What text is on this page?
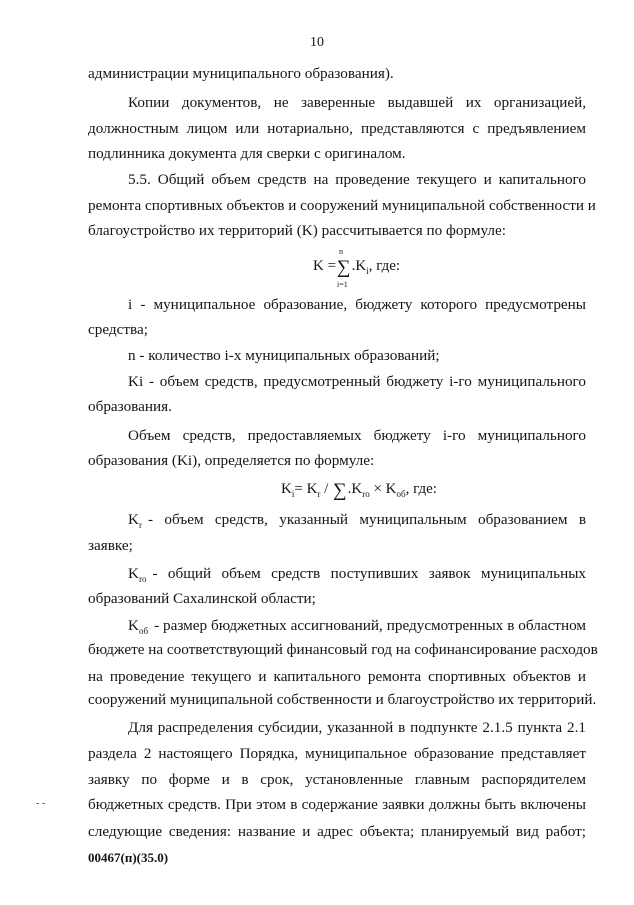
10
администрации муниципального образования).
Копии документов, не заверенные выдавшей их организацией,
должностным лицом или нотариально, представляются с предъявлением
подлинника документа для сверки с оригиналом.
5.5. Общий объем средств на проведение текущего и капитального
ремонта спортивных объектов и сооружений муниципальной собственности и
благоустройство их территорий (K) рассчитывается по формуле:
K =∑
n
i=1
$.K_i$, где:
i - муниципальное образование, бюджету которого предусмотрены
средства;
n - количество i-х муниципальных образований;
Ki - объем средств, предусмотренный бюджету i-го муниципального
образования.
Объем средств, предоставляемых бюджету i-го муниципального
образования (Ki), определяется по формуле:
$K_i= K_r / \sum.K_{ro} \times K_{об}$, где:
$K_r$ - объем средств, указанный муниципальным образованием в
заявке;
$K_{ro}$ - общий объем средств поступивших заявок муниципальных
образований Сахалинской области;
$K_{об}$ - размер бюджетных ассигнований, предусмотренных в областном
бюджете на соответствующий финансовый год на софинансирование расходов
на проведение текущего и капитального ремонта спортивных объектов и
сооружений муниципальной собственности и благоустройство их территорий.
Для распределения субсидии, указанной в подпункте 2.1.5 пункта 2.1
раздела 2 настоящего Порядка, муниципальное образование представляет
заявку по форме и в срок, установленные главным распорядителем
бюджетных средств. При этом в содержание заявки должны быть включены
следующие сведения: название и адрес объекта; планируемый вид работ;
- -
00467(п)(35.0)
